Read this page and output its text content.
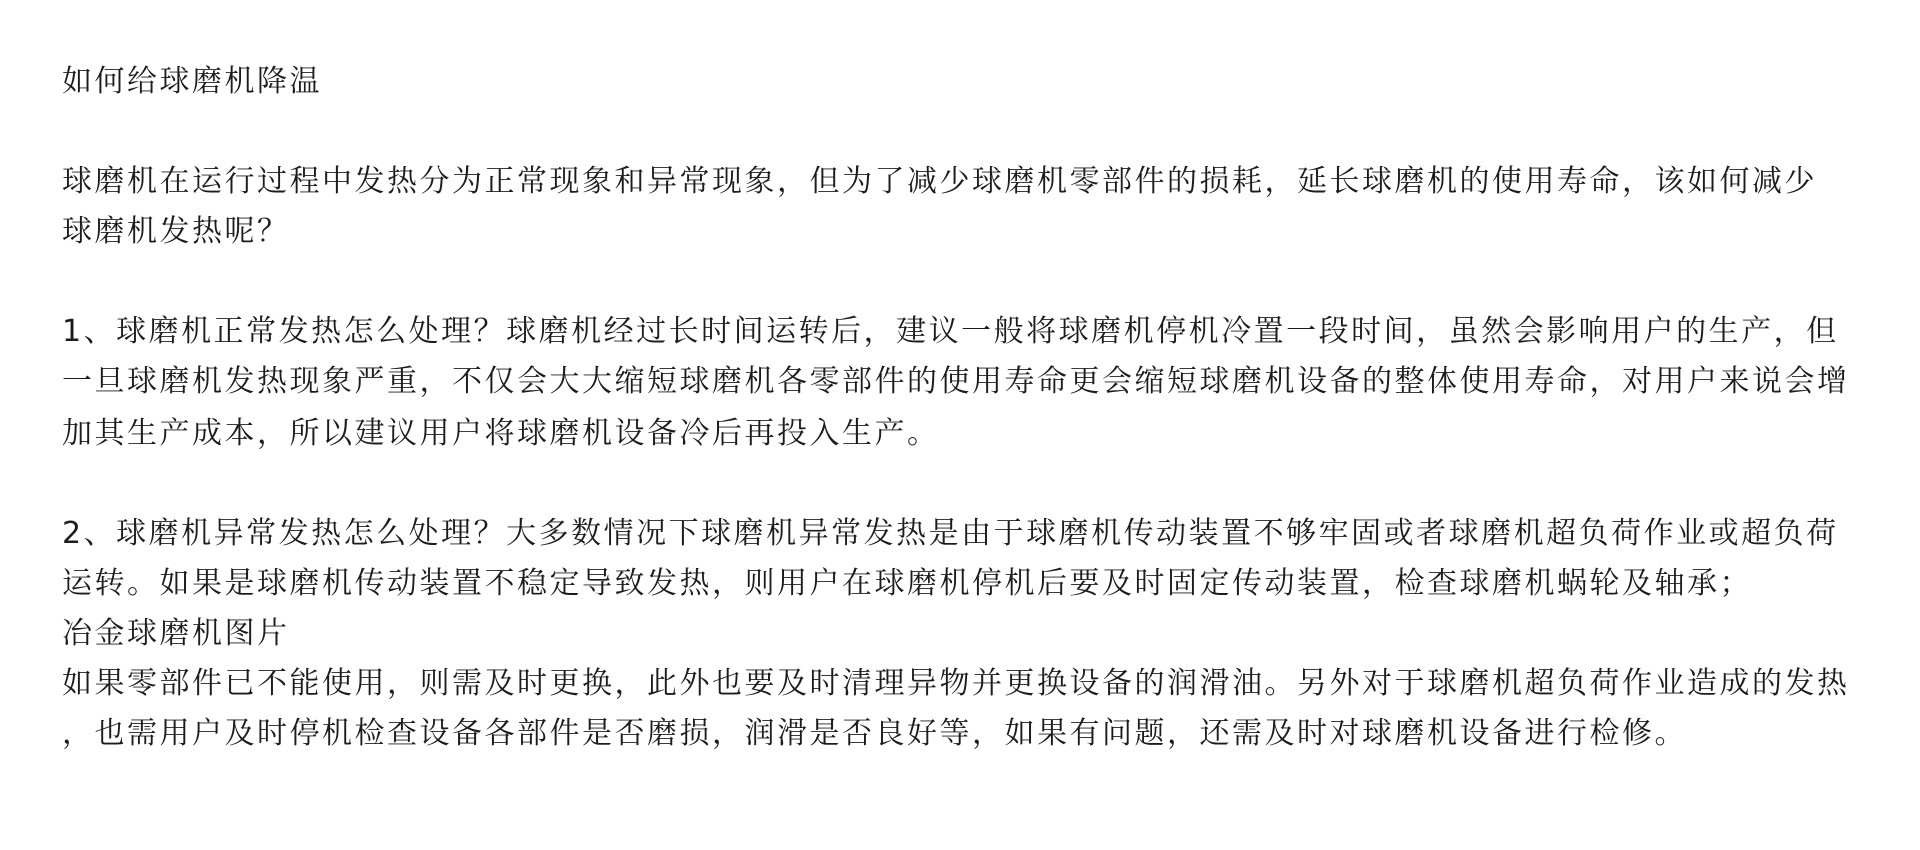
如何给球磨机降温
球磨机在运行过程中发热分为正常现象和异常现象，但为了减少球磨机零部件的损耗，延长球磨机的使用寿命，该如何减少
球磨机发热呢？
1、球磨机正常发热怎么处理？球磨机经过长时间运转后，建议一般将球磨机停机冷置一段时间，虽然会影响用户的生产，但
一旦球磨机发热现象严重，不仅会大大缩短球磨机各零部件的使用寿命更会缩短球磨机设备的整体使用寿命，对用户来说会增
加其生产成本，所以建议用户将球磨机设备冷后再投入生产。
2、球磨机异常发热怎么处理？大多数情况下球磨机异常发热是由于球磨机传动装置不够牢固或者球磨机超负荷作业或超负荷
运转。如果是球磨机传动装置不稳定导致发热，则用户在球磨机停机后要及时固定传动装置，检查球磨机蜗轮及轴承；
冶金球磨机图片
如果零部件已不能使用，则需及时更换，此外也要及时清理异物并更换设备的润滑油。另外对于球磨机超负荷作业造成的发热
，也需用户及时停机检查设备各部件是否磨损，润滑是否良好等，如果有问题，还需及时对球磨机设备进行检修。
